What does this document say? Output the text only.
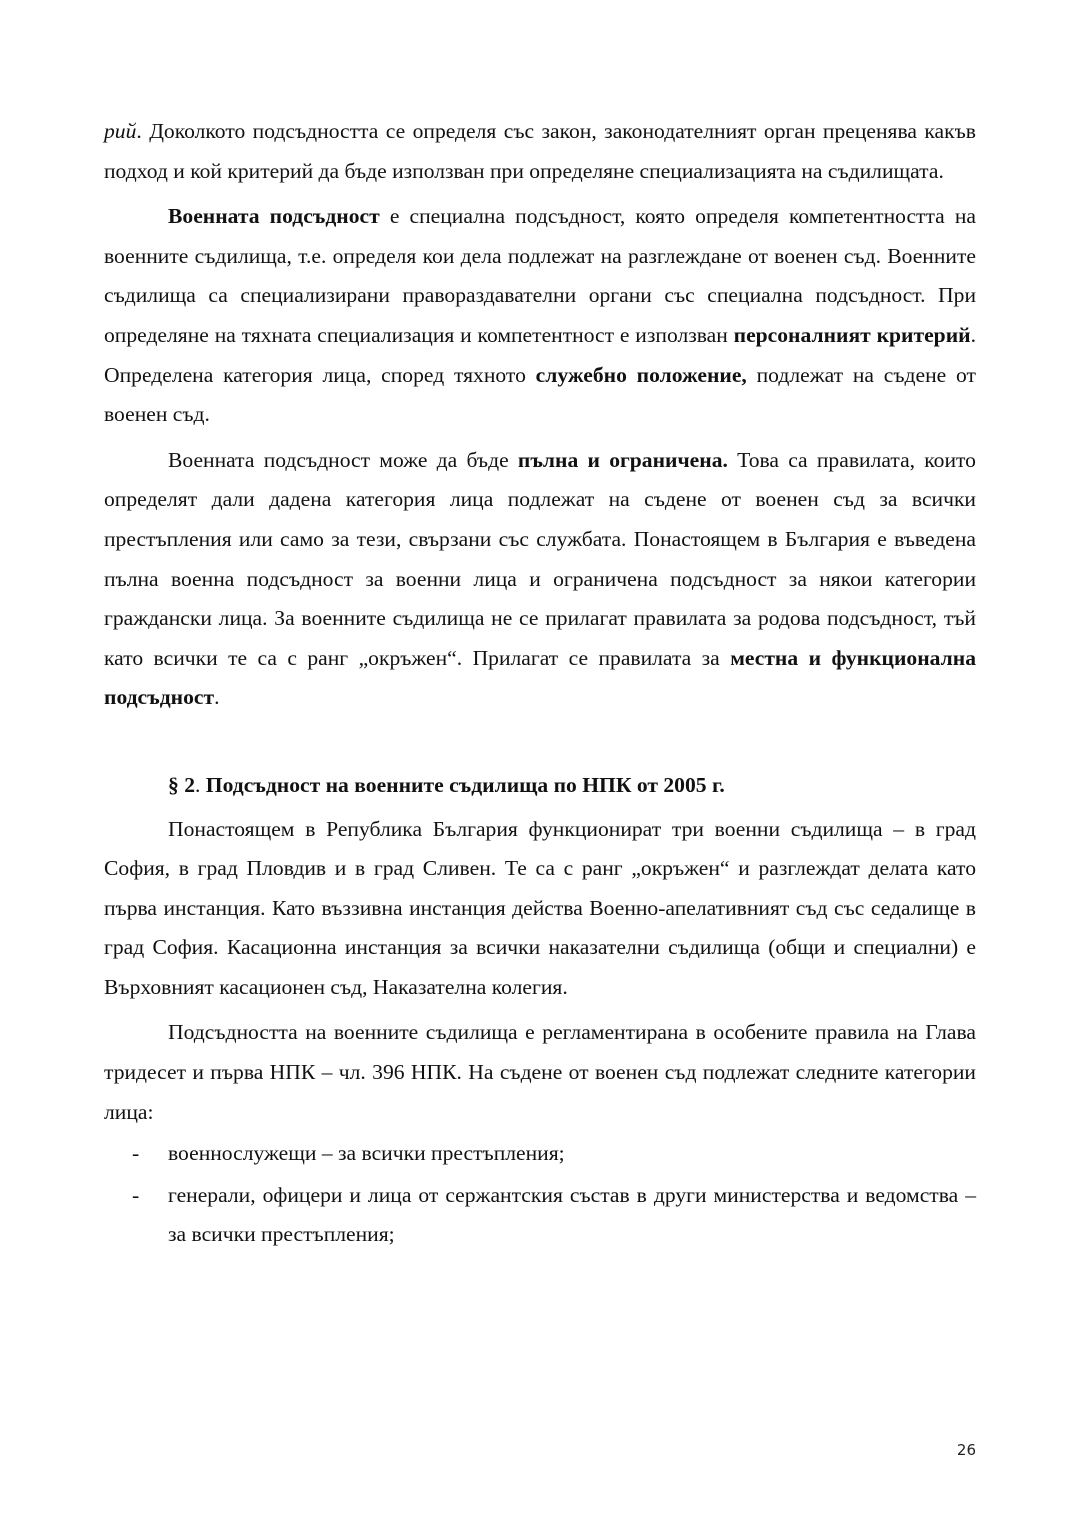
рий. Доколкото подсъдността се определя със закон, законодателният орган преценява какъв подход и кой критерий да бъде използван при определяне специализацията на съдилищата.

Военната подсъдност е специална подсъдност, която определя компетентността на военните съдилища, т.е. определя кои дела подлежат на разглеждане от военен съд. Военните съдилища са специализирани правораздавателни органи със специална подсъдност. При определяне на тяхната специализация и компетентност е използван персоналният критерий. Определена категория лица, според тяхното служебно положение, подлежат на съдене от военен съд.

Военната подсъдност може да бъде пълна и ограничена. Това са правилата, които определят дали дадена категория лица подлежат на съдене от военен съд за всички престъпления или само за тези, свързани със службата. Понастоящем в България е въведена пълна военна подсъдност за военни лица и ограничена подсъдност за някои категории граждански лица. За военните съдилища не се прилагат правилата за родова подсъдност, тъй като всички те са с ранг „окръжен“. Прилагат се правилата за местна и функционална подсъдност.

§ 2. Подсъдност на военните съдилища по НПК от 2005 г.

Понастоящем в Република България функционират три военни съдилища – в град София, в град Пловдив и в град Сливен. Те са с ранг „окръжен“ и разглеждат делата като първа инстанция. Като въззивна инстанция действа Военно-апелативният съд със седалище в град София. Касационна инстанция за всички наказателни съдилища (общи и специални) е Върховният касационен съд, Наказателна колегия.

Подсъдността на военните съдилища е регламентирана в особените правила на Глава тридесет и първа НПК – чл. 396 НПК. На съдене от военен съд подлежат следните категории лица:

- военнослужещи – за всички престъпления;

- генерали, офицери и лица от сержантския състав в други министерства и ведомства – за всички престъпления;

26
